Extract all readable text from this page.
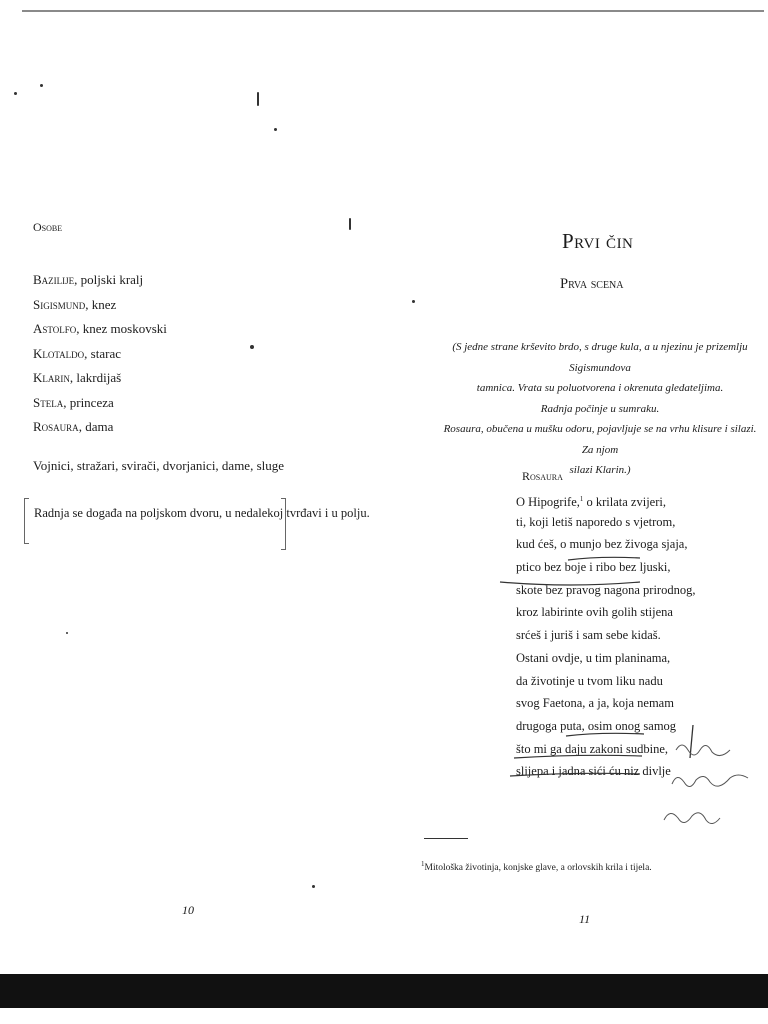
Osobe
Bazilije, poljski kralj
Sigismund, knez
Astolfo, knez moskovski
Klotaldo, starac
Klarin, lakrdijaš
Stela, princeza
Rosaura, dama
Vojnici, stražari, svirači, dvorjanici, dame, sluge
Radnja se događa na poljskom dvoru, u nedalekoj tvrđavi i u polju.
10
Prvi čin
Prva scena
(S jedne strane krševito brdo, s druge kula, a u njezinu je prizemlju Sigismundova
tamnica. Vrata su poluotvorena i okrenuta gledateljima.
Radnja počinje u sumraku.
Rosaura, obučena u mušku odoru, pojavljuje se na vrhu klisure i silazi. Za njom
silazi Klarin.)
Rosaura
O Hipogrife,$^1$ o krilata zvijeri,
ti, koji letiš naporedo s vjetrom,
kud ćeš, o munjo bez živoga sjaja,
ptico bez boje i ribo bez ljuski,
skote bez pravog nagona prirodnog,
kroz labirinte ovih golih stijena
srćeš i juriš i sam sebe kidaš.
Ostani ovdje, u tim planinama,
da životinje u tvom liku nadu
svog Faetona, a ja, koja nemam
drugoga puta, osim onog samog
što mi ga daju zakoni sudbine,
slijepa i jadna sići ću niz divlje
$^1$Mitološka životinja, konjske glave, a orlovskih krila i tijela.
11
